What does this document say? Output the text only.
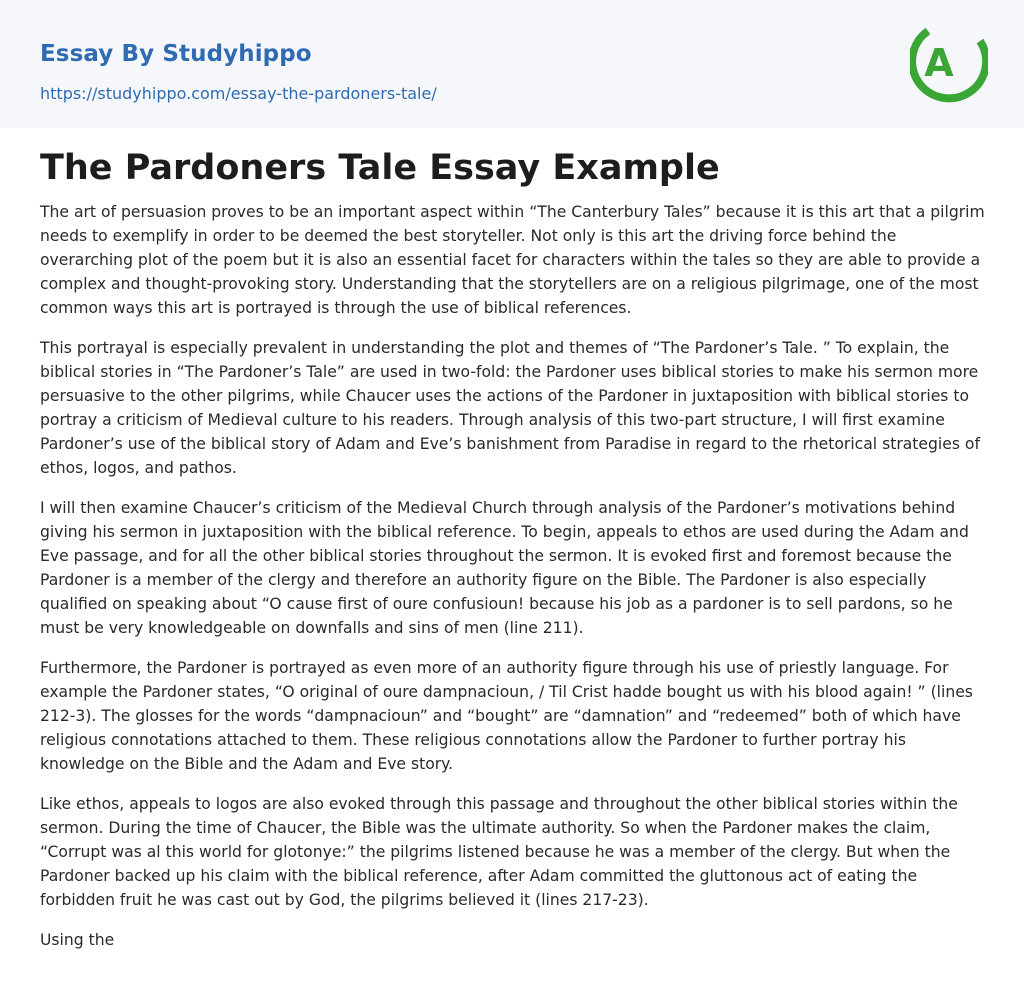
Essay By Studyhippo
https://studyhippo.com/essay-the-pardoners-tale/
A
The Pardoners Tale Essay Example

The art of persuasion proves to be an important aspect within “The Canterbury Tales” because it is this art that a pilgrim needs to exemplify in order to be deemed the best storyteller. Not only is this art the driving force behind the overarching plot of the poem but it is also an essential facet for characters within the tales so they are able to provide a complex and thought-provoking story. Understanding that the storytellers are on a religious pilgrimage, one of the most common ways this art is portrayed is through the use of biblical references.

This portrayal is especially prevalent in understanding the plot and themes of “The Pardoner’s Tale. ” To explain, the biblical stories in “The Pardoner’s Tale” are used in two-fold: the Pardoner uses biblical stories to make his sermon more persuasive to the other pilgrims, while Chaucer uses the actions of the Pardoner in juxtaposition with biblical stories to portray a criticism of Medieval culture to his readers. Through analysis of this two-part structure, I will first examine Pardoner’s use of the biblical story of Adam and Eve’s banishment from Paradise in regard to the rhetorical strategies of ethos, logos, and pathos.

I will then examine Chaucer’s criticism of the Medieval Church through analysis of the Pardoner’s motivations behind giving his sermon in juxtaposition with the biblical reference. To begin, appeals to ethos are used during the Adam and Eve passage, and for all the other biblical stories throughout the sermon. It is evoked first and foremost because the Pardoner is a member of the clergy and therefore an authority figure on the Bible. The Pardoner is also especially qualified on speaking about “O cause first of oure confusioun! because his job as a pardoner is to sell pardons, so he must be very knowledgeable on downfalls and sins of men (line 211).

Furthermore, the Pardoner is portrayed as even more of an authority figure through his use of priestly language. For example the Pardoner states, “O original of oure dampnacioun, / Til Crist hadde bought us with his blood again! ” (lines 212-3). The glosses for the words “dampnacioun” and “bought” are “damnation” and “redeemed” both of which have religious connotations attached to them. These religious connotations allow the Pardoner to further portray his knowledge on the Bible and the Adam and Eve story.

Like ethos, appeals to logos are also evoked through this passage and throughout the other biblical stories within the sermon. During the time of Chaucer, the Bible was the ultimate authority. So when the Pardoner makes the claim, “Corrupt was al this world for glotonye:” the pilgrims listened because he was a member of the clergy. But when the Pardoner backed up his claim with the biblical reference, after Adam committed the gluttonous act of eating the forbidden fruit he was cast out by God, the pilgrims believed it (lines 217-23).

Using the
